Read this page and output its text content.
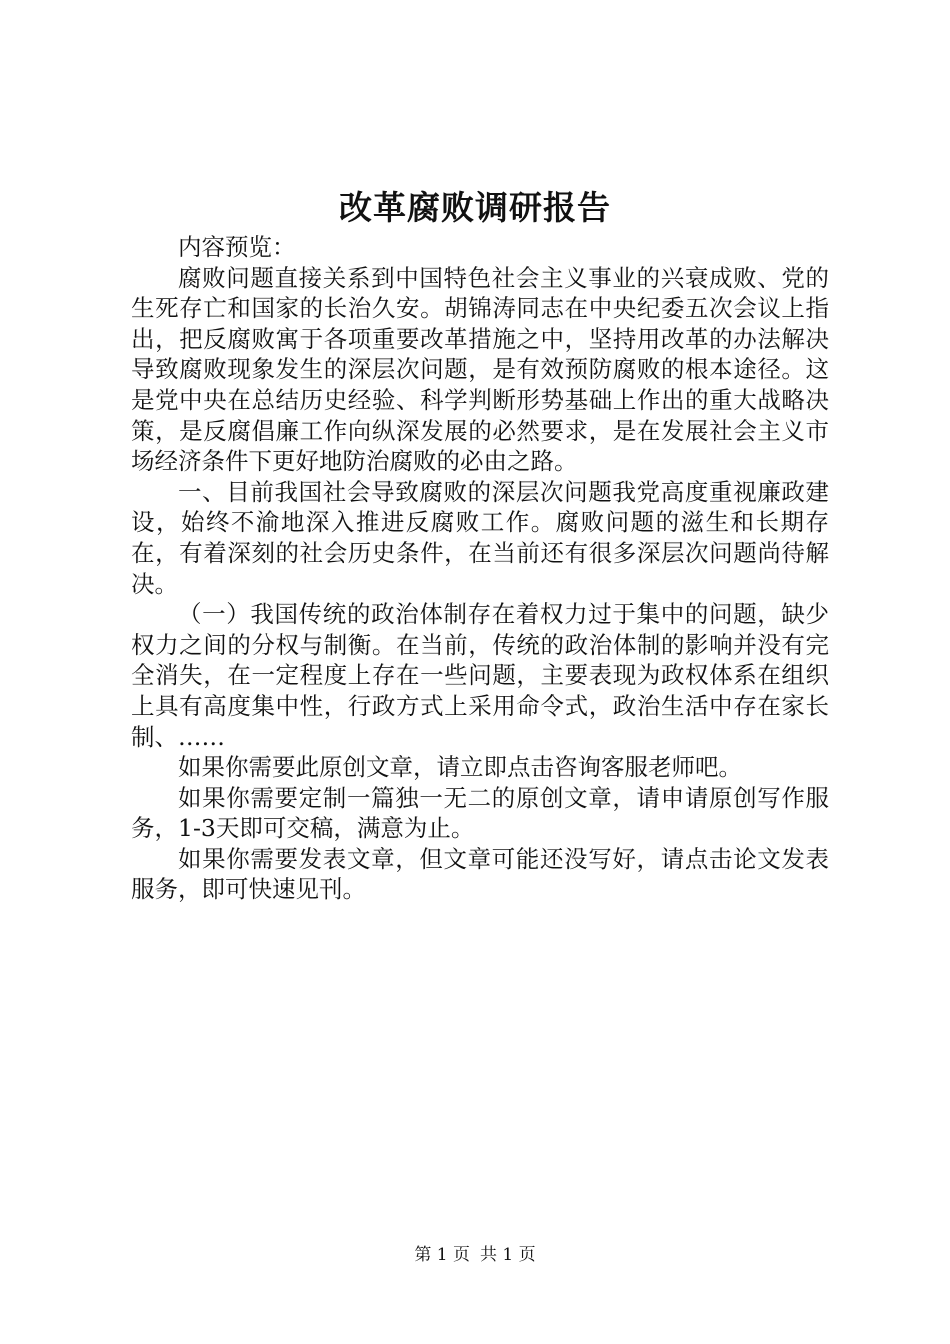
改革腐败调研报告

内容预览：

腐败问题直接关系到中国特色社会主义事业的兴衰成败、党的生死存亡和国家的长治久安。胡锦涛同志在中央纪委五次会议上指出，把反腐败寓于各项重要改革措施之中，坚持用改革的办法解决导致腐败现象发生的深层次问题，是有效预防腐败的根本途径。这是党中央在总结历史经验、科学判断形势基础上作出的重大战略决策，是反腐倡廉工作向纵深发展的必然要求，是在发展社会主义市场经济条件下更好地防治腐败的必由之路。

一、目前我国社会导致腐败的深层次问题我党高度重视廉政建设，始终不渝地深入推进反腐败工作。腐败问题的滋生和长期存在，有着深刻的社会历史条件，在当前还有很多深层次问题尚待解决。

（一）我国传统的政治体制存在着权力过于集中的问题，缺少权力之间的分权与制衡。在当前，传统的政治体制的影响并没有完全消失，在一定程度上存在一些问题，主要表现为政权体系在组织上具有高度集中性，行政方式上采用命令式，政治生活中存在家长制、……

如果你需要此原创文章，请立即点击咨询客服老师吧。

如果你需要定制一篇独一无二的原创文章，请申请原创写作服务，1-3天即可交稿，满意为止。

如果你需要发表文章，但文章可能还没写好，请点击论文发表服务，即可快速见刊。

第 1 页 共 1 页
